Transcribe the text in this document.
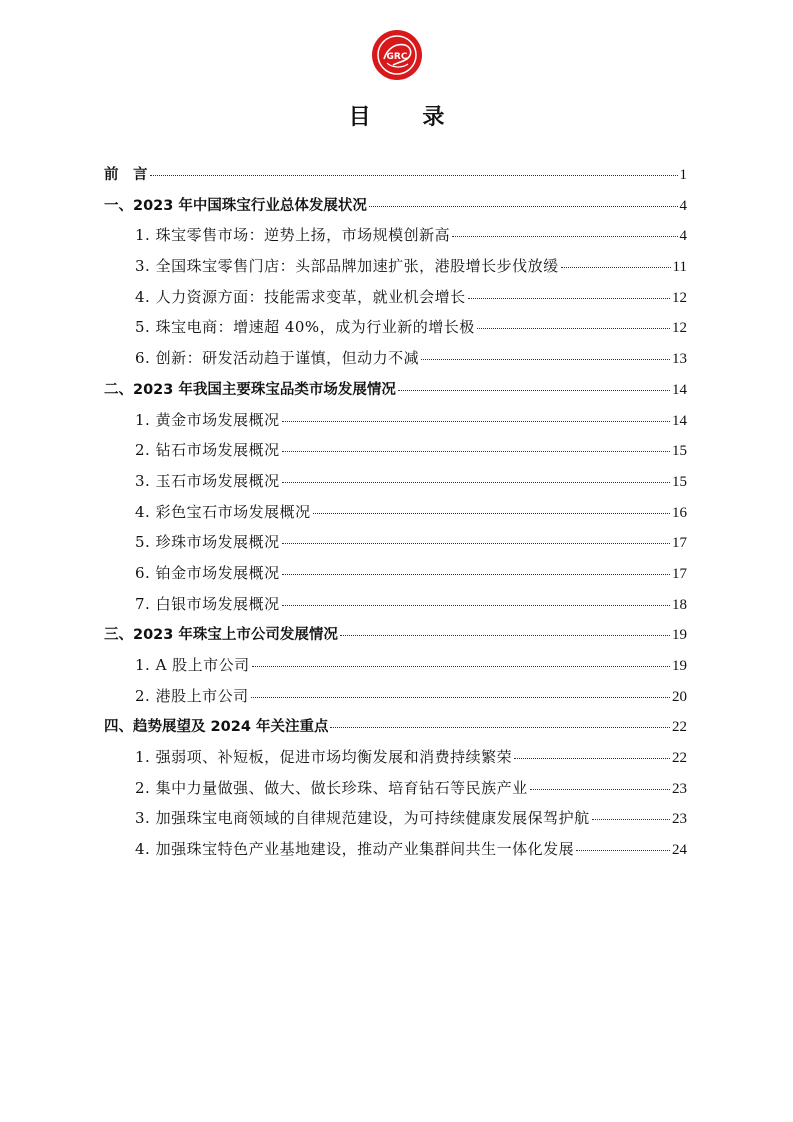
GRC
目 录
前　言	1
一、2023 年中国珠宝行业总体发展状况	4
1. 珠宝零售市场：逆势上扬，市场规模创新高	4
3. 全国珠宝零售门店：头部品牌加速扩张，港股增长步伐放缓	11
4. 人力资源方面：技能需求变革，就业机会增长	12
5. 珠宝电商：增速超 40%，成为行业新的增长极	12
6. 创新：研发活动趋于谨慎，但动力不减	13
二、2023 年我国主要珠宝品类市场发展情况	14
1. 黄金市场发展概况	14
2. 钻石市场发展概况	15
3. 玉石市场发展概况	15
4. 彩色宝石市场发展概况	16
5. 珍珠市场发展概况	17
6. 铂金市场发展概况	17
7. 白银市场发展概况	18
三、2023 年珠宝上市公司发展情况	19
1. A 股上市公司	19
2. 港股上市公司	20
四、趋势展望及 2024 年关注重点	22
1. 强弱项、补短板，促进市场均衡发展和消费持续繁荣	22
2. 集中力量做强、做大、做长珍珠、培育钻石等民族产业	23
3. 加强珠宝电商领域的自律规范建设，为可持续健康发展保驾护航	23
4. 加强珠宝特色产业基地建设，推动产业集群间共生一体化发展	24
